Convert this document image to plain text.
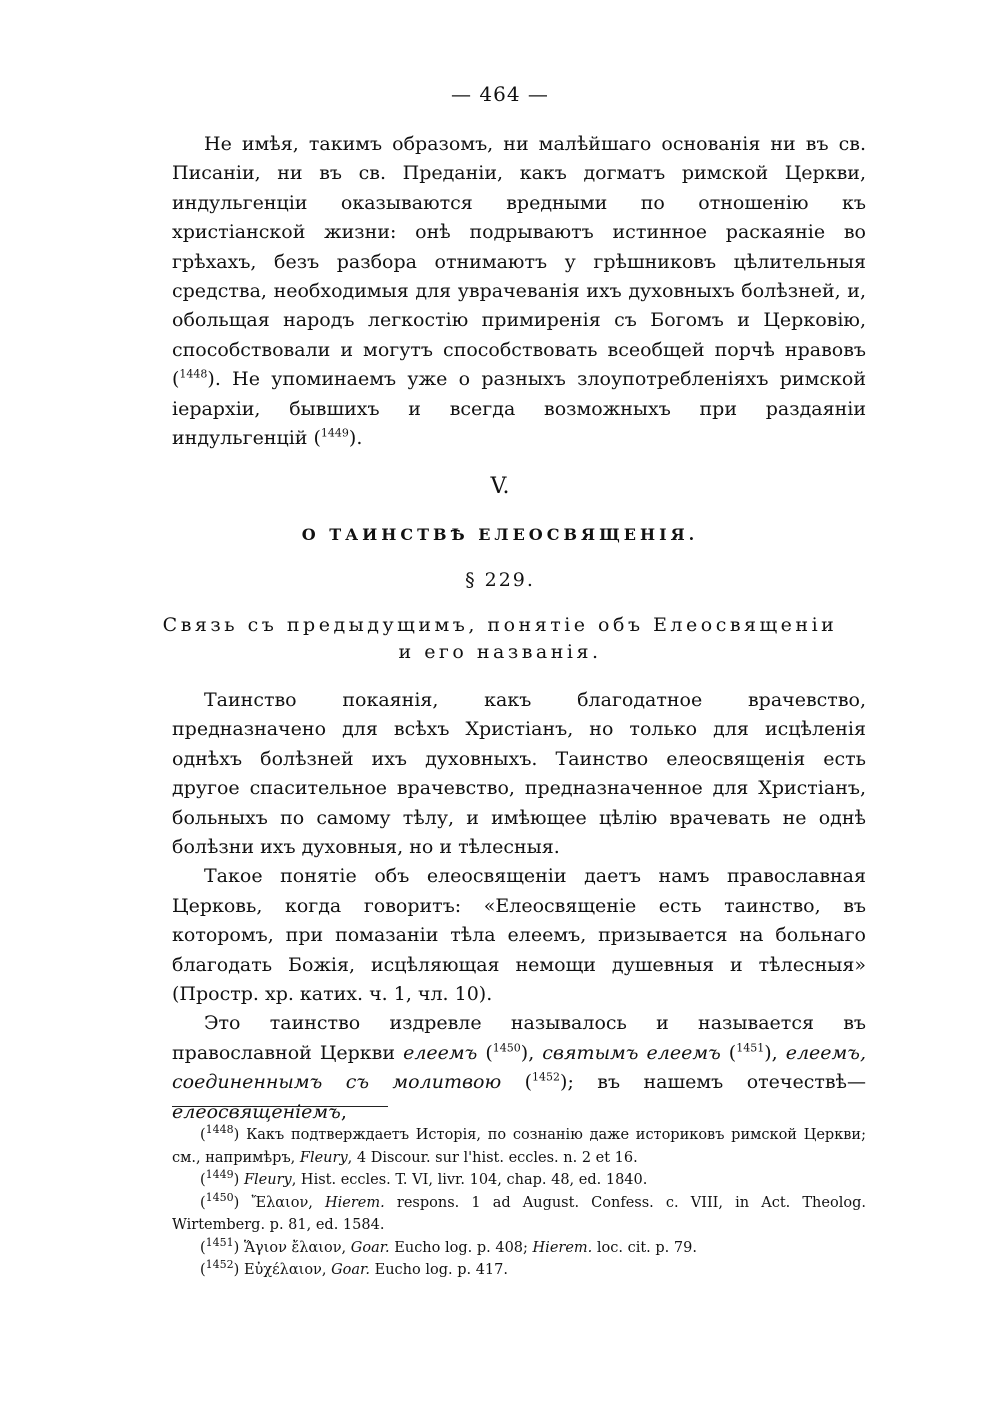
— 464 —

Не имѣя, такимъ образомъ, ни малѣйшаго основанія ни въ св. Писаніи, ни въ св. Преданіи, какъ догматъ римской Церкви, индульгенціи оказываются вредными по отношенію къ христіанской жизни: онѣ подрываютъ истинное раскаяніе во грѣхахъ, безъ разбора отнимаютъ у грѣшниковъ цѣлительныя средства, необходимыя для уврачеванія ихъ духовныхъ болѣзней, и, обольщая народъ легкостію примиренія съ Богомъ и Церковію, способствовали и могутъ способствовать всеобщей порчѣ нравовъ ($^{1448}$). Не упоминаемъ уже о разныхъ злоупотребленіяхъ римской іерархіи, бывшихъ и всегда возможныхъ при раздаяніи индульгенцій ($^{1449}$).

V.
О ТАИНСТВѢ ЕЛЕОСВЯЩЕНІЯ.
§ 229.
Связь съ предыдущимъ, понятіе объ Елеосвященіи
и его названія.

Таинство покаянія, какъ благодатное врачевство, предназначено для всѣхъ Христіанъ, но только для исцѣленія однѣхъ болѣзней ихъ духовныхъ. Таинство елеосвященія есть другое спасительное врачевство, предназначенное для Христіанъ, больныхъ по самому тѣлу, и имѣющее цѣлію врачевать не однѣ болѣзни ихъ духовныя, но и тѣлесныя.

Такое понятіе объ елеосвященіи даетъ намъ православная Церковь, когда говоритъ: «Елеосвященіе есть таинство, въ которомъ, при помазаніи тѣла елеемъ, призывается на больнаго благодать Божія, исцѣляющая немощи душевныя и тѣлесныя» (Простр. хр. катих. ч. 1, чл. 10).

Это таинство издревле называлось и называется въ православной Церкви елеемъ ($^{1450}$), святымъ елеемъ ($^{1451}$), елеемъ, соединеннымъ съ молитвою ($^{1452}$); въ нашемъ отечествѣ—елеосвященіемъ,

($^{1448}$) Какъ подтверждаетъ Исторія, по сознанію даже историковъ римской Церкви; см., напримѣръ, Fleury, 4 Discour. sur l'hist. eccles. n. 2 et 16.

($^{1449}$) Fleury, Hist. eccles. T. VI, livr. 104, chap. 48, ed. 1840.

($^{1450}$) Ἔλαιον, Hierem. respons. 1 ad August. Confess. c. VIII, in Act. Theolog. Wirtemberg. p. 81, ed. 1584.

($^{1451}$) Ἅγιον ἔλαιον, Goar. Euchо log. p. 408; Hierem. loc. cit. p. 79.

($^{1452}$) Εὐχέλαιον, Goar. Euchо log. p. 417.
